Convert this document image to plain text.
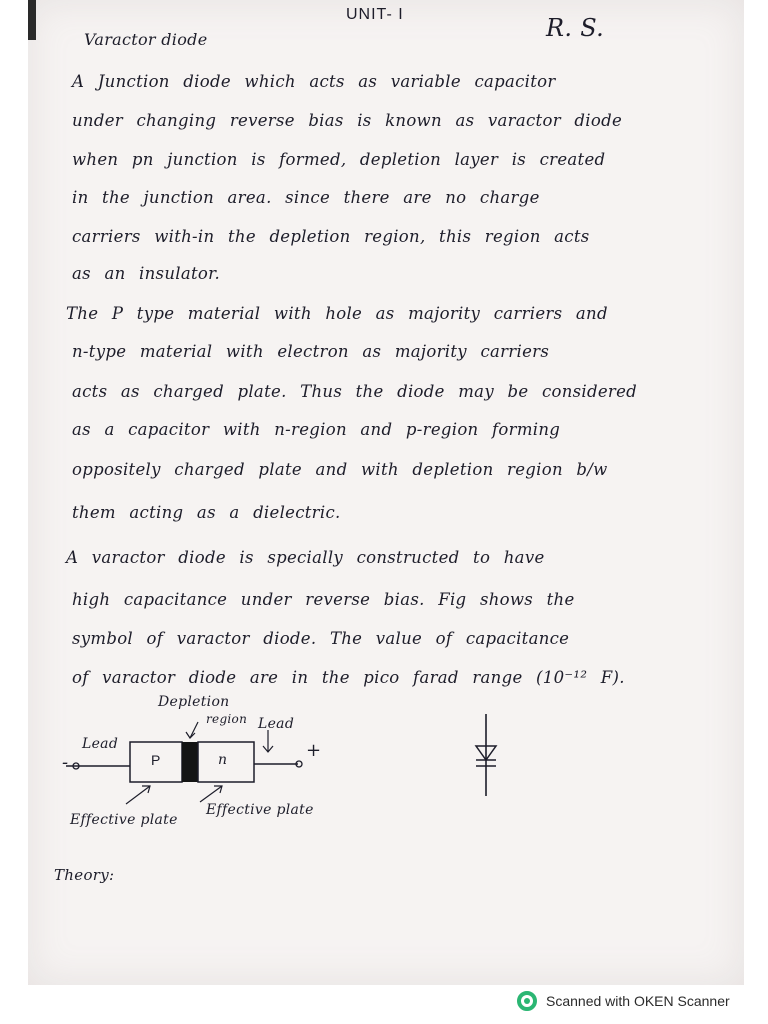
UNIT- I	R. S.
Varactor diode
A Junction diode which acts as variable capacitor
under changing reverse bias is known as varactor diode
when pn junction is formed, depletion layer is created
in the junction area. since there are no charge
carriers with-in the depletion region, this region acts
as an insulator.
The P type material with hole as majority carriers and
n-type material with electron as majority carriers
acts as charged plate. Thus the diode may be considered
as a capacitor with n-region and p-region forming
oppositely charged plate and with depletion region b/w
them acting as a dielectric.
A varactor diode is specially constructed to have
high capacitance under reverse bias. Fig shows the
symbol of varactor diode. The value of capacitance
of varactor diode are in the pico farad range (10⁻¹² F).
Depletion
region Lead
Lead
-
+
P	n
Effective plate
Effective plate
Theory:
Scanned with OKEN Scanner
